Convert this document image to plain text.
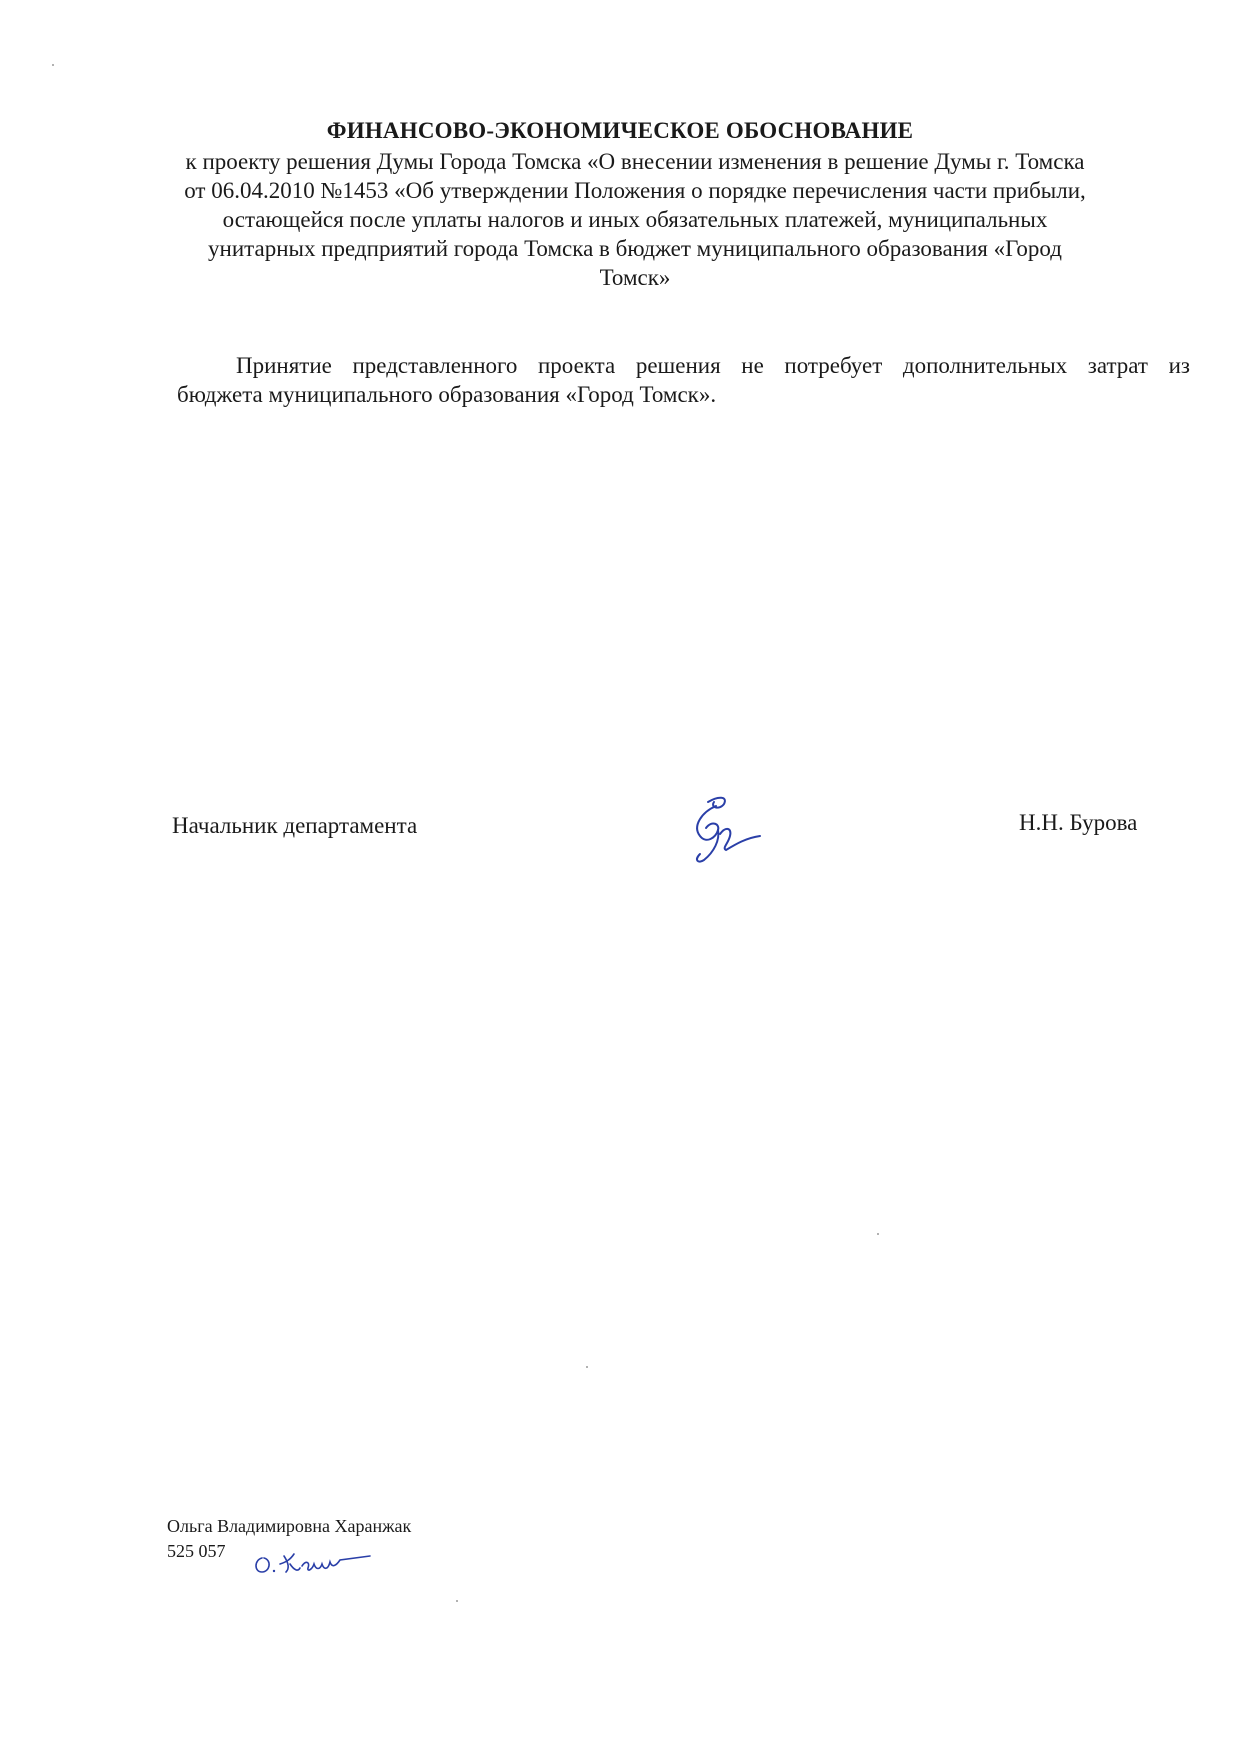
ФИНАНСОВО-ЭКОНОМИЧЕСКОЕ ОБОСНОВАНИЕ
к проекту решения Думы Города Томска «О внесении изменения в решение Думы г. Томска
от 06.04.2010 №1453 «Об утверждении Положения о порядке перечисления части прибыли,
остающейся после уплаты налогов и иных обязательных платежей, муниципальных
унитарных предприятий города Томска в бюджет муниципального образования «Город
Томск»
Принятие представленного проекта решения не потребует дополнительных затрат из
бюджета муниципального образования «Город Томск».
Начальник департамента	Н.Н. Бурова
Ольга Владимировна Харанжак
525 057
